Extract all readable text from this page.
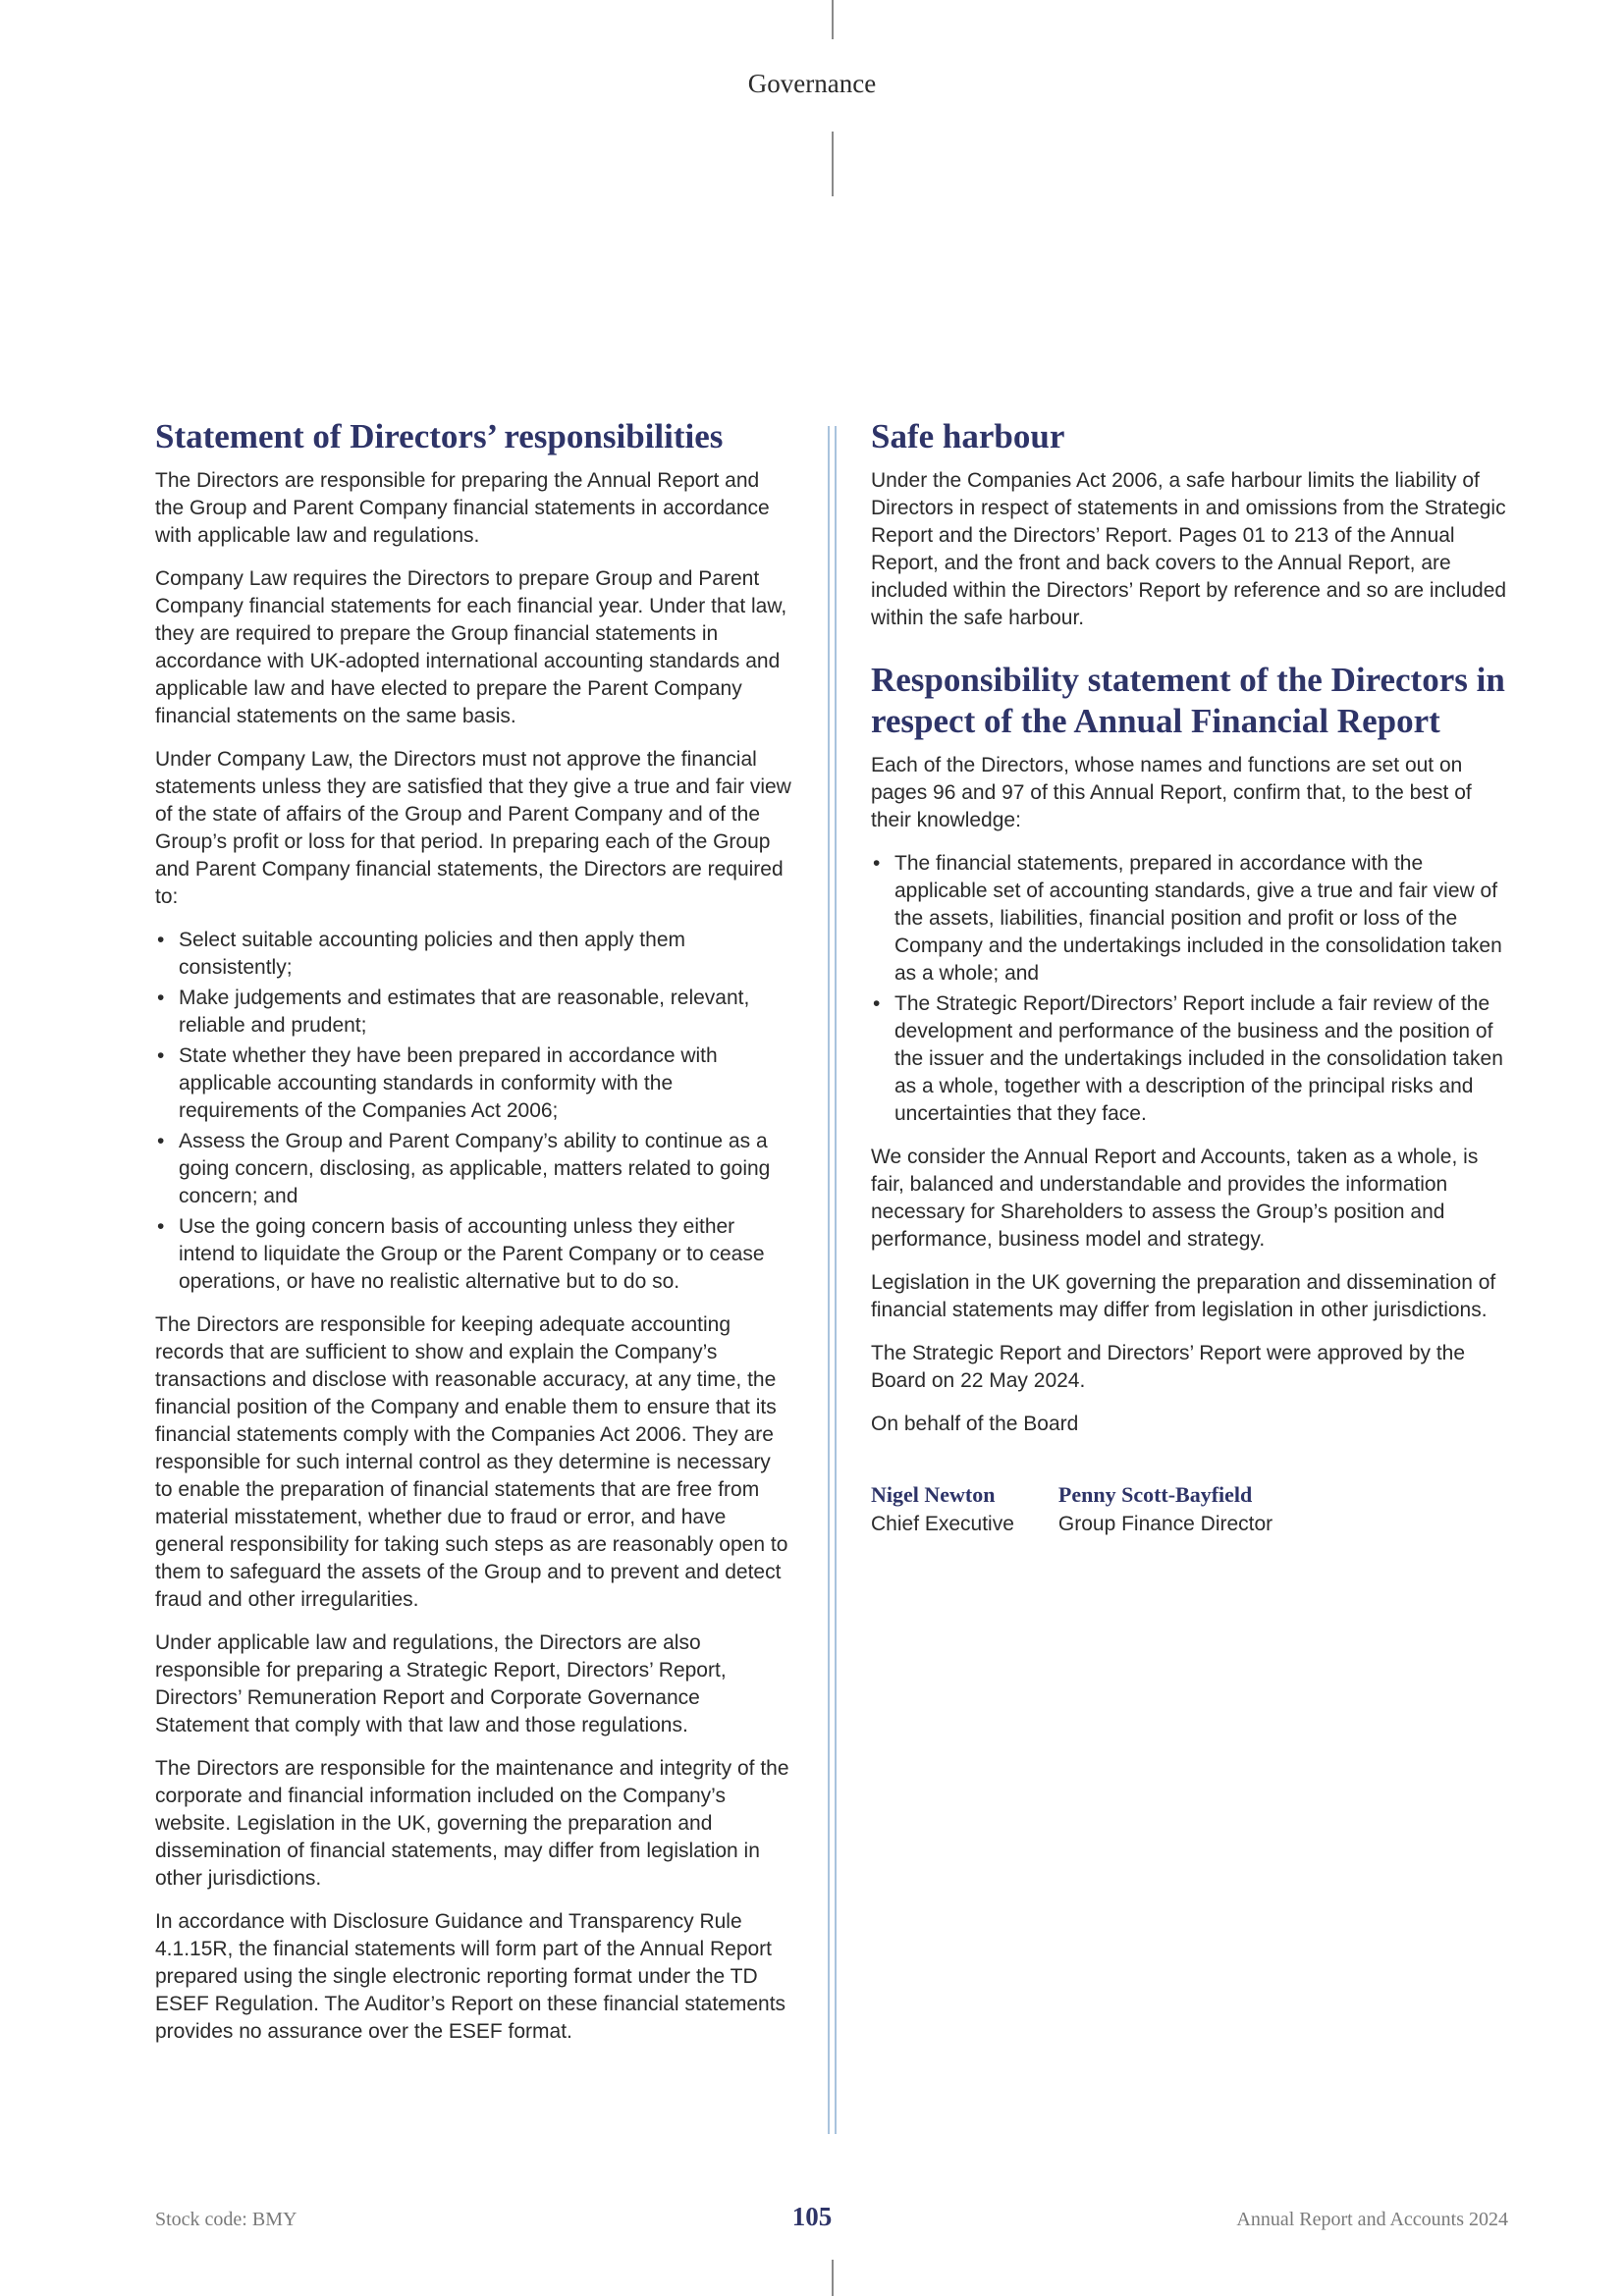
Governance
Statement of Directors’ responsibilities

The Directors are responsible for preparing the Annual Report and the Group and Parent Company financial statements in accordance with applicable law and regulations.

Company Law requires the Directors to prepare Group and Parent Company financial statements for each financial year. Under that law, they are required to prepare the Group financial statements in accordance with UK-adopted international accounting standards and applicable law and have elected to prepare the Parent Company financial statements on the same basis.

Under Company Law, the Directors must not approve the financial statements unless they are satisfied that they give a true and fair view of the state of affairs of the Group and Parent Company and of the Group’s profit or loss for that period. In preparing each of the Group and Parent Company financial statements, the Directors are required to:

• Select suitable accounting policies and then apply them consistently;
• Make judgements and estimates that are reasonable, relevant, reliable and prudent;
• State whether they have been prepared in accordance with applicable accounting standards in conformity with the requirements of the Companies Act 2006;
• Assess the Group and Parent Company’s ability to continue as a going concern, disclosing, as applicable, matters related to going concern; and
• Use the going concern basis of accounting unless they either intend to liquidate the Group or the Parent Company or to cease operations, or have no realistic alternative but to do so.

The Directors are responsible for keeping adequate accounting records that are sufficient to show and explain the Company’s transactions and disclose with reasonable accuracy, at any time, the financial position of the Company and enable them to ensure that its financial statements comply with the Companies Act 2006. They are responsible for such internal control as they determine is necessary to enable the preparation of financial statements that are free from material misstatement, whether due to fraud or error, and have general responsibility for taking such steps as are reasonably open to them to safeguard the assets of the Group and to prevent and detect fraud and other irregularities.

Under applicable law and regulations, the Directors are also responsible for preparing a Strategic Report, Directors’ Report, Directors’ Remuneration Report and Corporate Governance Statement that comply with that law and those regulations.

The Directors are responsible for the maintenance and integrity of the corporate and financial information included on the Company’s website. Legislation in the UK, governing the preparation and dissemination of financial statements, may differ from legislation in other jurisdictions.

In accordance with Disclosure Guidance and Transparency Rule 4.1.15R, the financial statements will form part of the Annual Report prepared using the single electronic reporting format under the TD ESEF Regulation. The Auditor’s Report on these financial statements provides no assurance over the ESEF format.

Safe harbour

Under the Companies Act 2006, a safe harbour limits the liability of Directors in respect of statements in and omissions from the Strategic Report and the Directors’ Report. Pages 01 to 213 of the Annual Report, and the front and back covers to the Annual Report, are included within the Directors’ Report by reference and so are included within the safe harbour.

Responsibility statement of the Directors in respect of the Annual Financial Report

Each of the Directors, whose names and functions are set out on pages 96 and 97 of this Annual Report, confirm that, to the best of their knowledge:

• The financial statements, prepared in accordance with the applicable set of accounting standards, give a true and fair view of the assets, liabilities, financial position and profit or loss of the Company and the undertakings included in the consolidation taken as a whole; and
• The Strategic Report/Directors’ Report include a fair review of the development and performance of the business and the position of the issuer and the undertakings included in the consolidation taken as a whole, together with a description of the principal risks and uncertainties that they face.

We consider the Annual Report and Accounts, taken as a whole, is fair, balanced and understandable and provides the information necessary for Shareholders to assess the Group’s position and performance, business model and strategy.

Legislation in the UK governing the preparation and dissemination of financial statements may differ from legislation in other jurisdictions.

The Strategic Report and Directors’ Report were approved by the Board on 22 May 2024.

On behalf of the Board

Nigel Newton
Chief Executive
Penny Scott-Bayfield
Group Finance Director
Stock code: BMY	105	Annual Report and Accounts 2024
